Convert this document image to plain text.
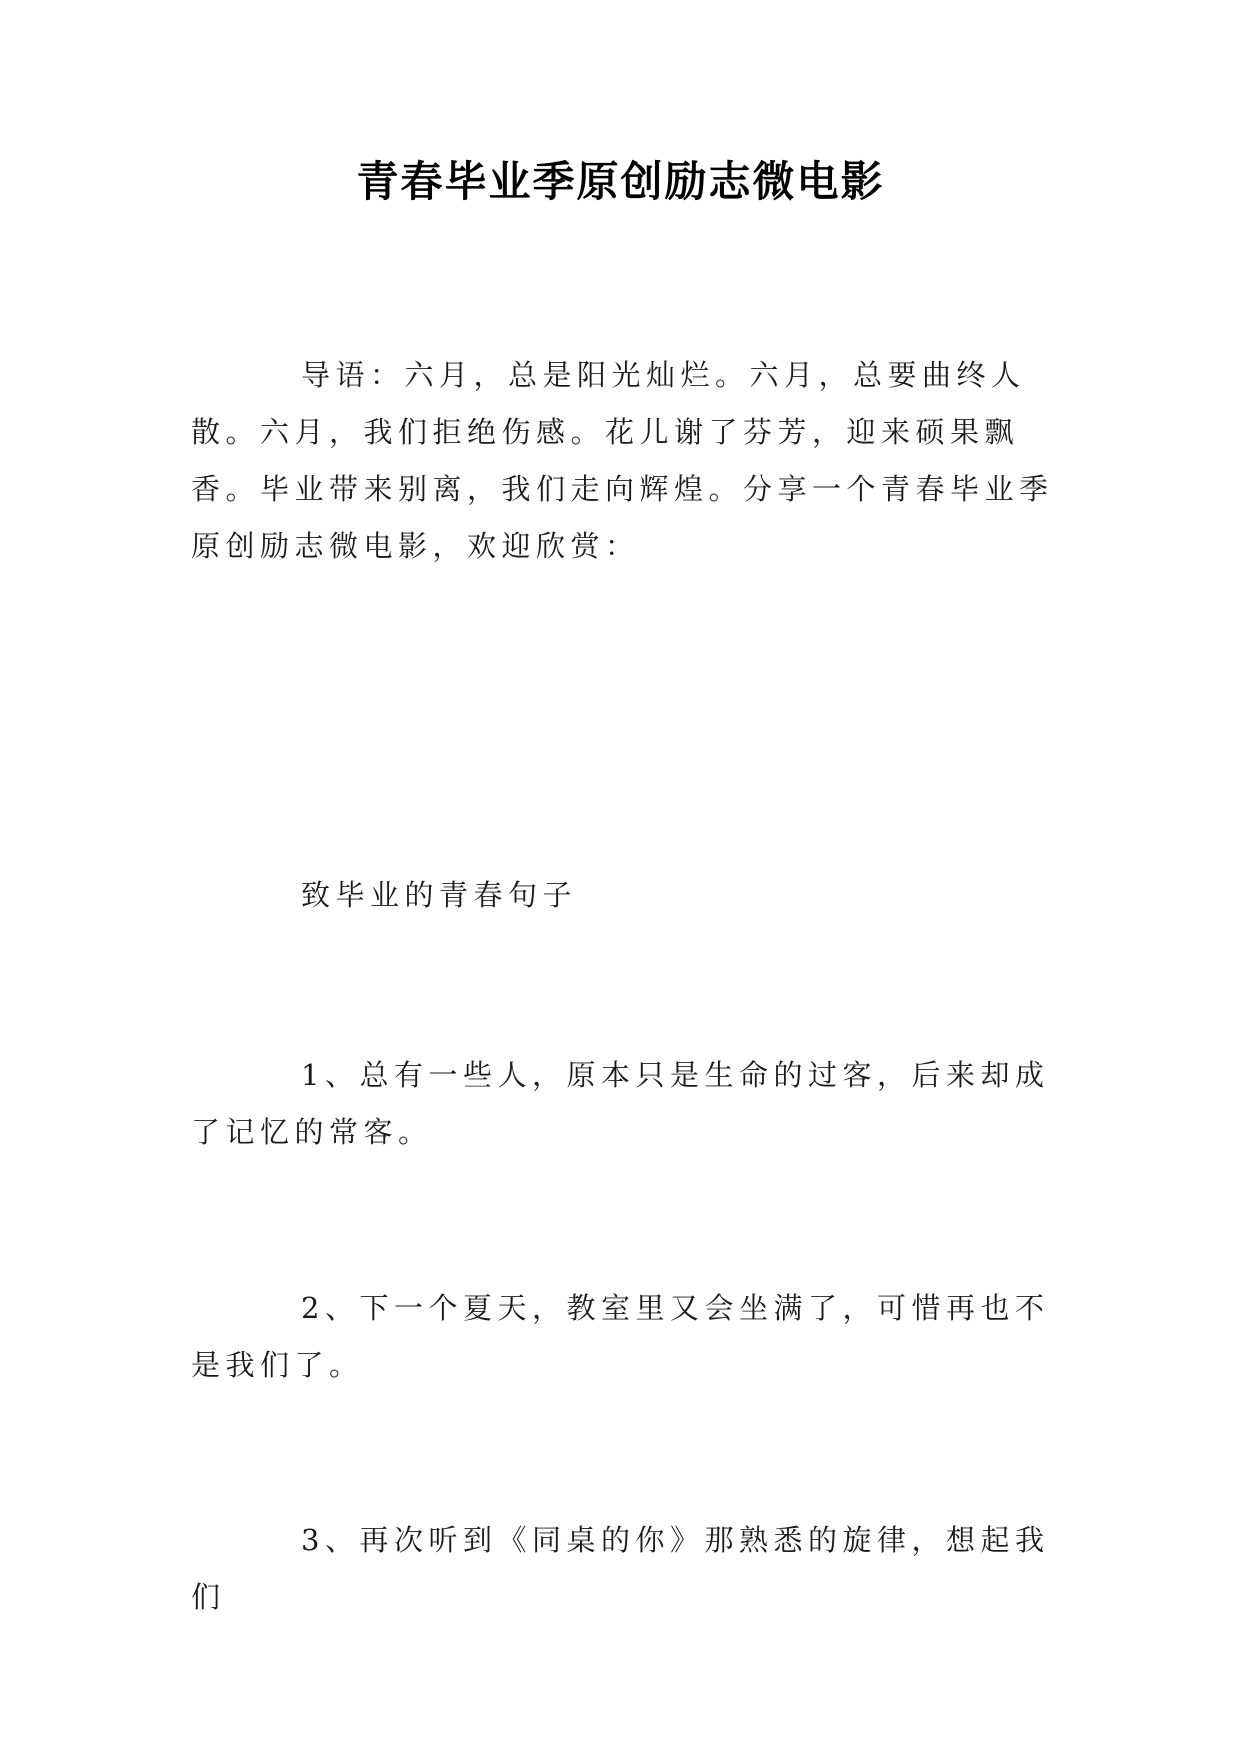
青春毕业季原创励志微电影

导语：六月，总是阳光灿烂。六月，总要曲终人散。六月，我们拒绝伤感。花儿谢了芬芳，迎来硕果飘香。毕业带来别离，我们走向辉煌。分享一个青春毕业季原创励志微电影，欢迎欣赏：

致毕业的青春句子

1、总有一些人，原本只是生命的过客，后来却成了记忆的常客。

2、下一个夏天，教室里又会坐满了，可惜再也不是我们了。

3、再次听到《同桌的你》那熟悉的旋律，想起我们
